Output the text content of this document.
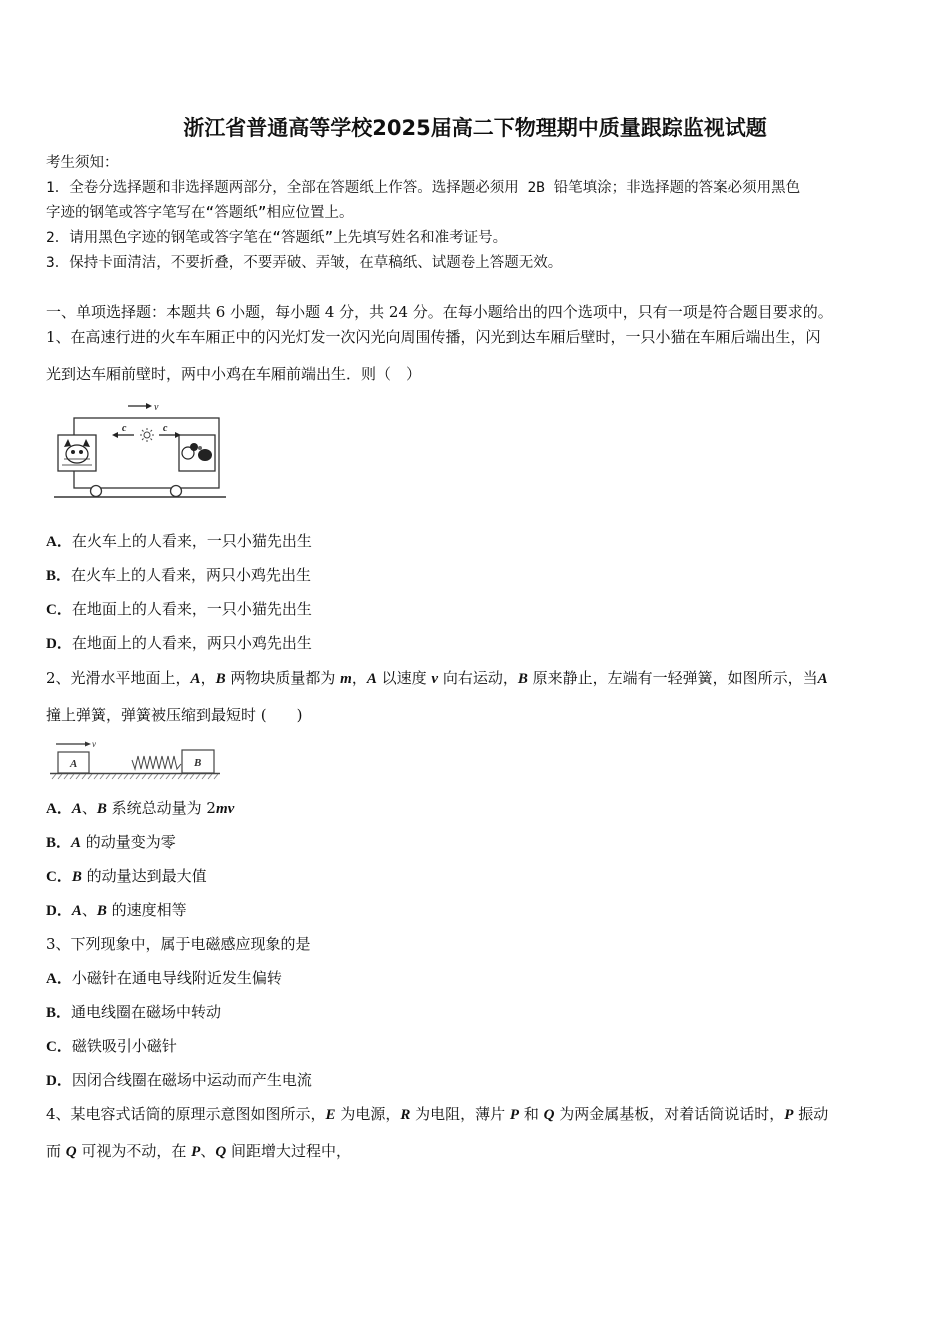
浙江省普通高等学校2025届高二下物理期中质量跟踪监视试题
考生须知：
1．全卷分选择题和非选择题两部分，全部在答题纸上作答。选择题必须用 2B 铅笔填涂；非选择题的答案必须用黑色
字迹的钢笔或答字笔写在“答题纸”相应位置上。
2．请用黑色字迹的钢笔或答字笔在“答题纸”上先填写姓名和准考证号。
3．保持卡面清洁，不要折叠，不要弄破、弄皱，在草稿纸、试题卷上答题无效。
一、单项选择题：本题共 6 小题，每小题 4 分，共 24 分。在每小题给出的四个选项中，只有一项是符合题目要求的。
1、在高速行进的火车车厢正中的闪光灯发一次闪光向周围传播，闪光到达车厢后壁时，一只小猫在车厢后端出生，闪
光到达车厢前壁时，两中小鸡在车厢前端出生．则（　）
v
c	c
A．在火车上的人看来，一只小猫先出生
B．在火车上的人看来，两只小鸡先出生
C．在地面上的人看来，一只小猫先出生
D．在地面上的人看来，两只小鸡先出生
2、光滑水平地面上，A，B 两物块质量都为 m，A 以速度 v 向右运动，B 原来静止，左端有一轻弹簧，如图所示，当A
撞上弹簧，弹簧被压缩到最短时 (　　)
v
A	B
A．A、B 系统总动量为 2mv
B．A 的动量变为零
C．B 的动量达到最大值
D．A、B 的速度相等
3、下列现象中，属于电磁感应现象的是
A．小磁针在通电导线附近发生偏转
B．通电线圈在磁场中转动
C．磁铁吸引小磁针
D．因闭合线圈在磁场中运动而产生电流
4、某电容式话筒的原理示意图如图所示，E 为电源，R 为电阻，薄片 P 和 Q 为两金属基板，对着话筒说话时，P 振动
而 Q 可视为不动，在 P、Q 间距增大过程中，
